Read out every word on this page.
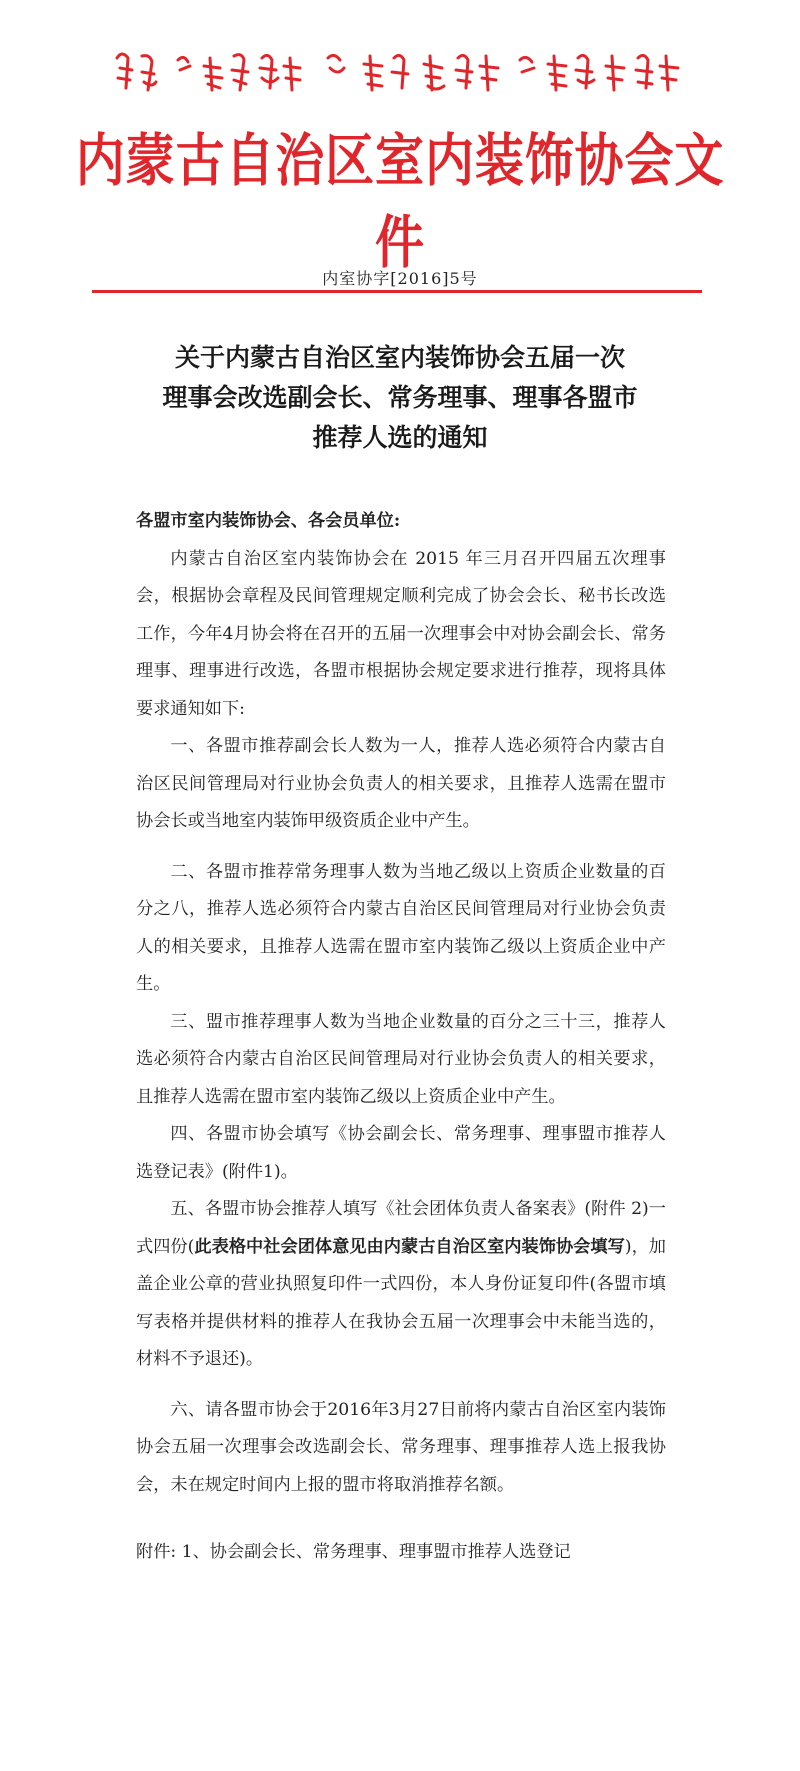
内蒙古自治区室内装饰协会文件
内室协字[2016]5号
关于内蒙古自治区室内装饰协会五届一次
理事会改选副会长、常务理事、理事各盟市
推荐人选的通知

各盟市室内装饰协会、各会员单位:

内蒙古自治区室内装饰协会在 2015 年三月召开四届五次理事会，根据协会章程及民间管理规定顺利完成了协会会长、秘书长改选工作，今年4月协会将在召开的五届一次理事会中对协会副会长、常务理事、理事进行改选，各盟市根据协会规定要求进行推荐，现将具体要求通知如下:

一、各盟市推荐副会长人数为一人，推荐人选必须符合内蒙古自治区民间管理局对行业协会负责人的相关要求，且推荐人选需在盟市协会长或当地室内装饰甲级资质企业中产生。

二、各盟市推荐常务理事人数为当地乙级以上资质企业数量的百分之八，推荐人选必须符合内蒙古自治区民间管理局对行业协会负责人的相关要求，且推荐人选需在盟市室内装饰乙级以上资质企业中产生。

三、盟市推荐理事人数为当地企业数量的百分之三十三，推荐人选必须符合内蒙古自治区民间管理局对行业协会负责人的相关要求，且推荐人选需在盟市室内装饰乙级以上资质企业中产生。

四、各盟市协会填写《协会副会长、常务理事、理事盟市推荐人选登记表》(附件1)。

五、各盟市协会推荐人填写《社会团体负责人备案表》(附件 2)一式四份(此表格中社会团体意见由内蒙古自治区室内装饰协会填写)，加盖企业公章的营业执照复印件一式四份，本人身份证复印件(各盟市填写表格并提供材料的推荐人在我协会五届一次理事会中未能当选的，材料不予退还)。

六、请各盟市协会于2016年3月27日前将内蒙古自治区室内装饰协会五届一次理事会改选副会长、常务理事、理事推荐人选上报我协会，未在规定时间内上报的盟市将取消推荐名额。

附件: 1、协会副会长、常务理事、理事盟市推荐人选登记
